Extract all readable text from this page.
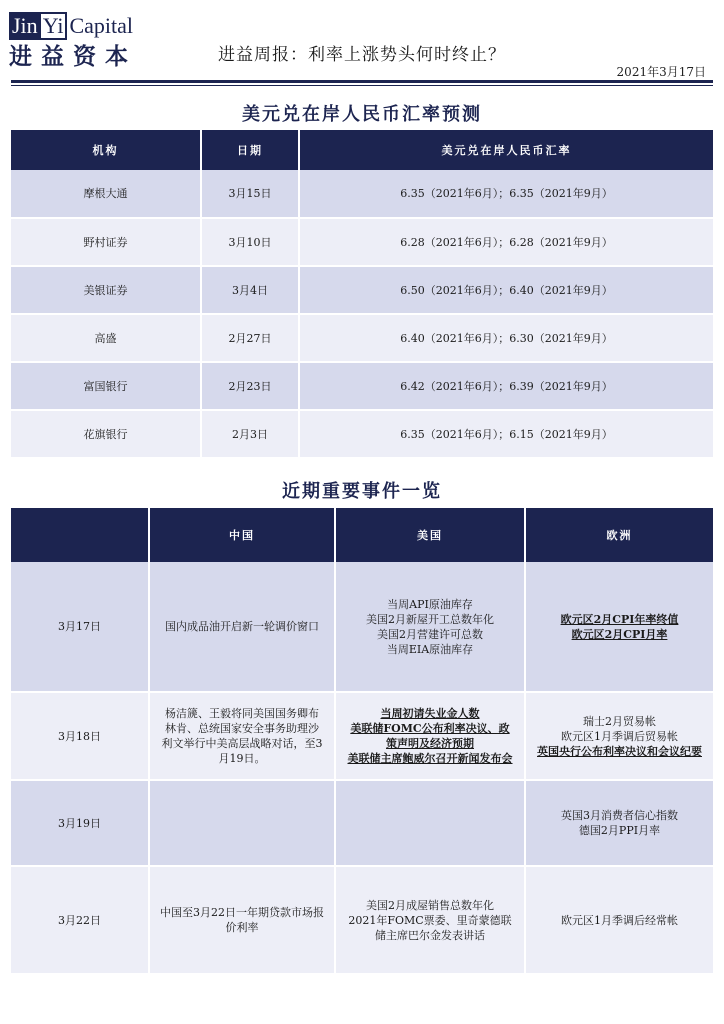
Jin Yi Capital
进益资本	进益周报：利率上涨势头何时终止？
2021年3月17日
美元兑在岸人民币汇率预测
机构	日期	美元兑在岸人民币汇率
摩根大通	3月15日	6.35（2021年6月）；6.35（2021年9月）
野村证券	3月10日	6.28（2021年6月）；6.28（2021年9月）
美银证券	3月4日	6.50（2021年6月）；6.40（2021年9月）
高盛	2月27日	6.40（2021年6月）；6.30（2021年9月）
富国银行	2月23日	6.42（2021年6月）；6.39（2021年9月）
花旗银行	2月3日	6.35（2021年6月）；6.15（2021年9月）
近期重要事件一览
	中国	美国	欧洲
3月17日	国内成品油开启新一轮调价窗口	当周API原油库存
美国2月新屋开工总数年化
美国2月营建许可总数
当周EIA原油库存	欧元区2月CPI年率终值
欧元区2月CPI月率

3月18日	杨洁篪、王毅将同美国国务卿布林肯、总统国家安全事务助理沙利文举行中美高层战略对话，至3月19日。	当周初请失业金人数
美联储FOMC公布利率决议、政策声明及经济预期
美联储主席鲍威尔召开新闻发布会	瑞士2月贸易帐
欧元区1月季调后贸易帐
英国央行公布利率决议和会议纪要

3月19日			英国3月消费者信心指数
德国2月PPI月率

3月22日	中国至3月22日一年期贷款市场报价利率	美国2月成屋销售总数年化
2021年FOMC票委、里奇蒙德联储主席巴尔金发表讲话	欧元区1月季调后经常帐
